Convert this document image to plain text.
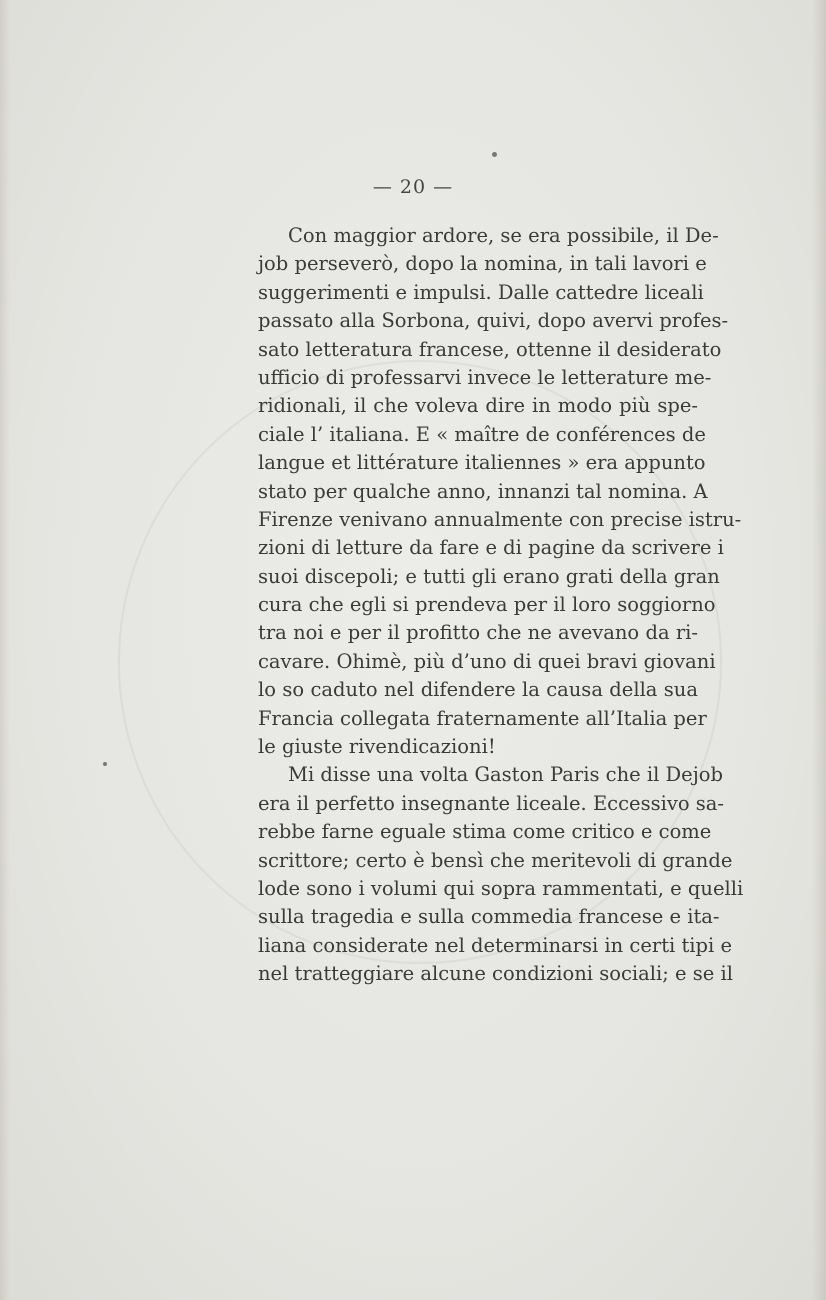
— 20 —
Con maggior ardore, se era possibile, il De-
job perseverò, dopo la nomina, in tali lavori e
suggerimenti e impulsi. Dalle cattedre liceali
passato alla Sorbona, quivi, dopo avervi profes-
sato letteratura francese, ottenne il desiderato
ufficio di professarvi invece le letterature me-
ridionali, il che voleva dire in modo più spe-
ciale l’ italiana. E « maître de conférences de
langue et littérature italiennes » era appunto
stato per qualche anno, innanzi tal nomina. A
Firenze venivano annualmente con precise istru-
zioni di letture da fare e di pagine da scrivere i
suoi discepoli; e tutti gli erano grati della gran
cura che egli si prendeva per il loro soggiorno
tra noi e per il profitto che ne avevano da ri-
cavare. Ohimè, più d’uno di quei bravi giovani
lo so caduto nel difendere la causa della sua
Francia collegata fraternamente all’Italia per
le giuste rivendicazioni!
Mi disse una volta Gaston Paris che il Dejob
era il perfetto insegnante liceale. Eccessivo sa-
rebbe farne eguale stima come critico e come
scrittore; certo è bensì che meritevoli di grande
lode sono i volumi qui sopra rammentati, e quelli
sulla tragedia e sulla commedia francese e ita-
liana considerate nel determinarsi in certi tipi e
nel tratteggiare alcune condizioni sociali; e se il
